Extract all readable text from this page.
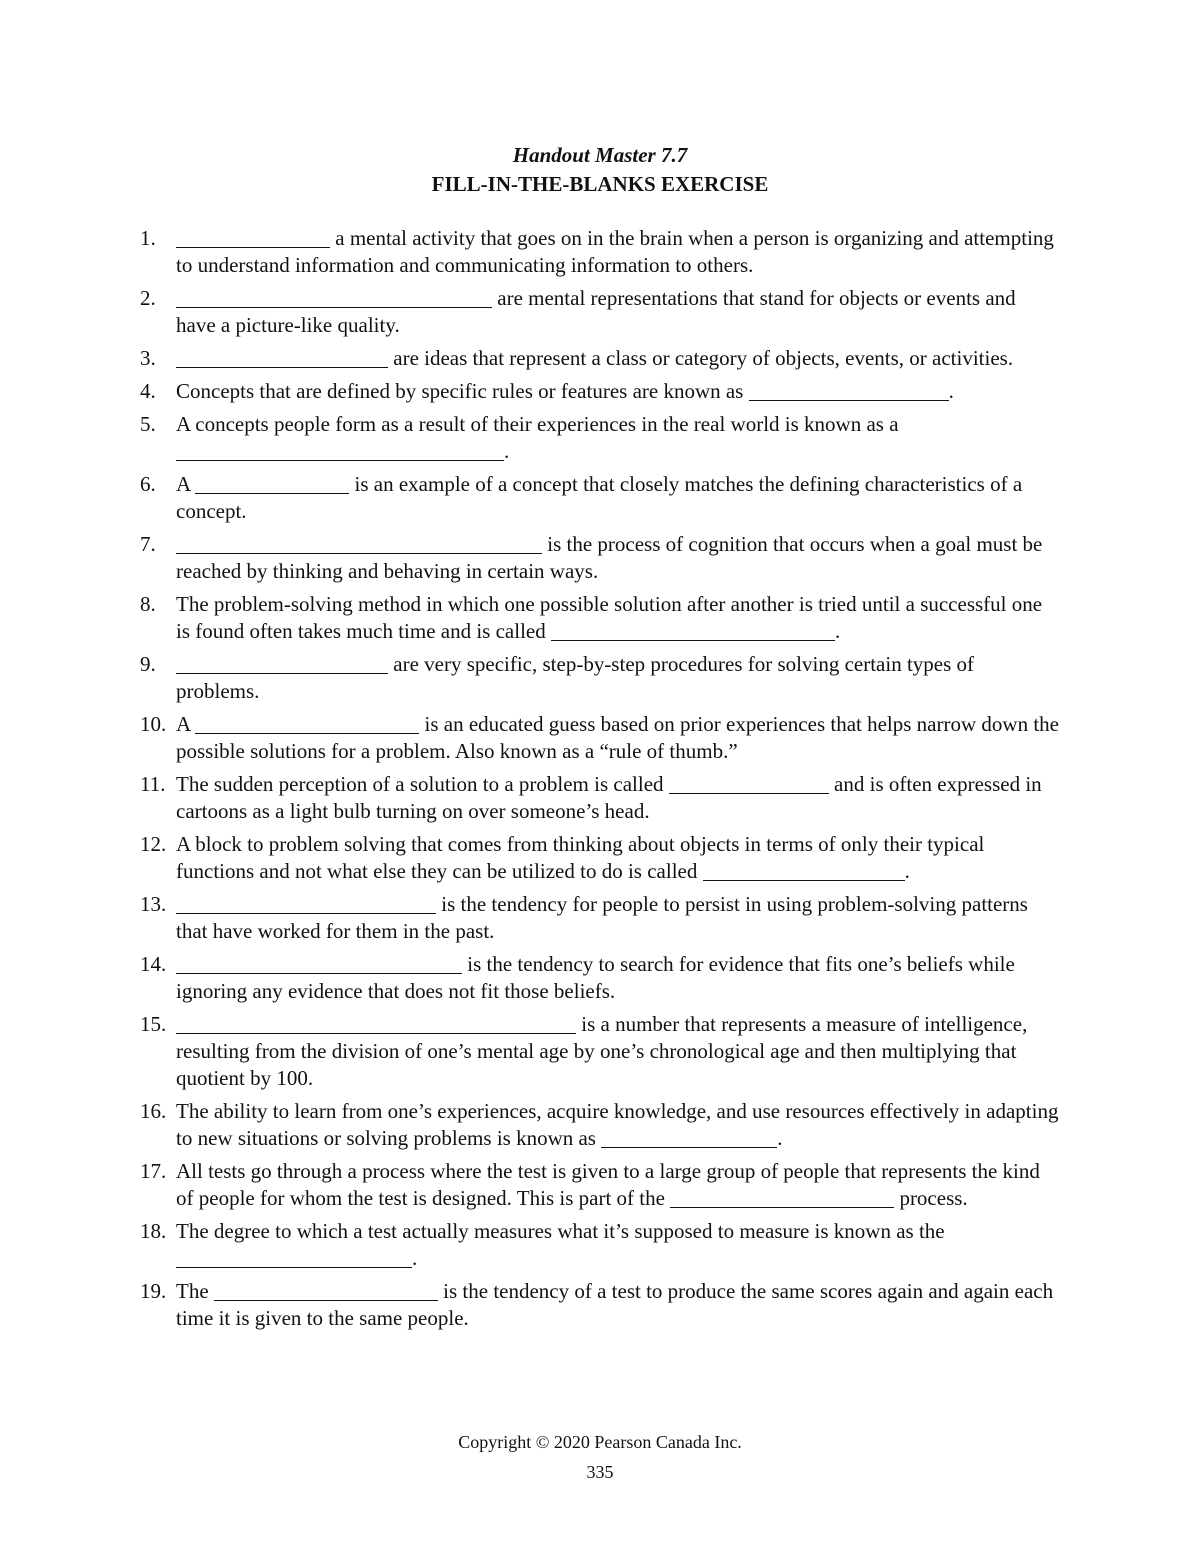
Handout Master 7.7
FILL-IN-THE-BLANKS EXERCISE
1.	a mental activity that goes on in the brain when a person is organizing and attempting to understand information and communicating information to others.
2.	are mental representations that stand for objects or events and have a picture-like quality.
3.	are ideas that represent a class or category of objects, events, or activities.
4. Concepts that are defined by specific rules or features are known as	.
5. A concepts people form as a result of their experiences in the real world is known as a .
6. A	is an example of a concept that closely matches the defining characteristics of a concept.
7.	is the process of cognition that occurs when a goal must be reached by thinking and behaving in certain ways.
8. The problem-solving method in which one possible solution after another is tried until a successful one is found often takes much time and is called	.
9.	are very specific, step-by-step procedures for solving certain types of problems.
10. A	is an educated guess based on prior experiences that helps narrow down the possible solutions for a problem. Also known as a “rule of thumb.”
11. The sudden perception of a solution to a problem is called	and is often expressed in cartoons as a light bulb turning on over someone’s head.
12. A block to problem solving that comes from thinking about objects in terms of only their typical functions and not what else they can be utilized to do is called	.
13.	is the tendency for people to persist in using problem-solving patterns that have worked for them in the past.
14.	is the tendency to search for evidence that fits one’s beliefs while ignoring any evidence that does not fit those beliefs.
15.	is a number that represents a measure of intelligence, resulting from the division of one’s mental age by one’s chronological age and then multiplying that quotient by 100.
16. The ability to learn from one’s experiences, acquire knowledge, and use resources effectively in adapting to new situations or solving problems is known as	.
17. All tests go through a process where the test is given to a large group of people that represents the kind of people for whom the test is designed. This is part of the	process.
18. The degree to which a test actually measures what it’s supposed to measure is known as the .
19. The	is the tendency of a test to produce the same scores again and again each time it is given to the same people.
Copyright © 2020 Pearson Canada Inc.
335
